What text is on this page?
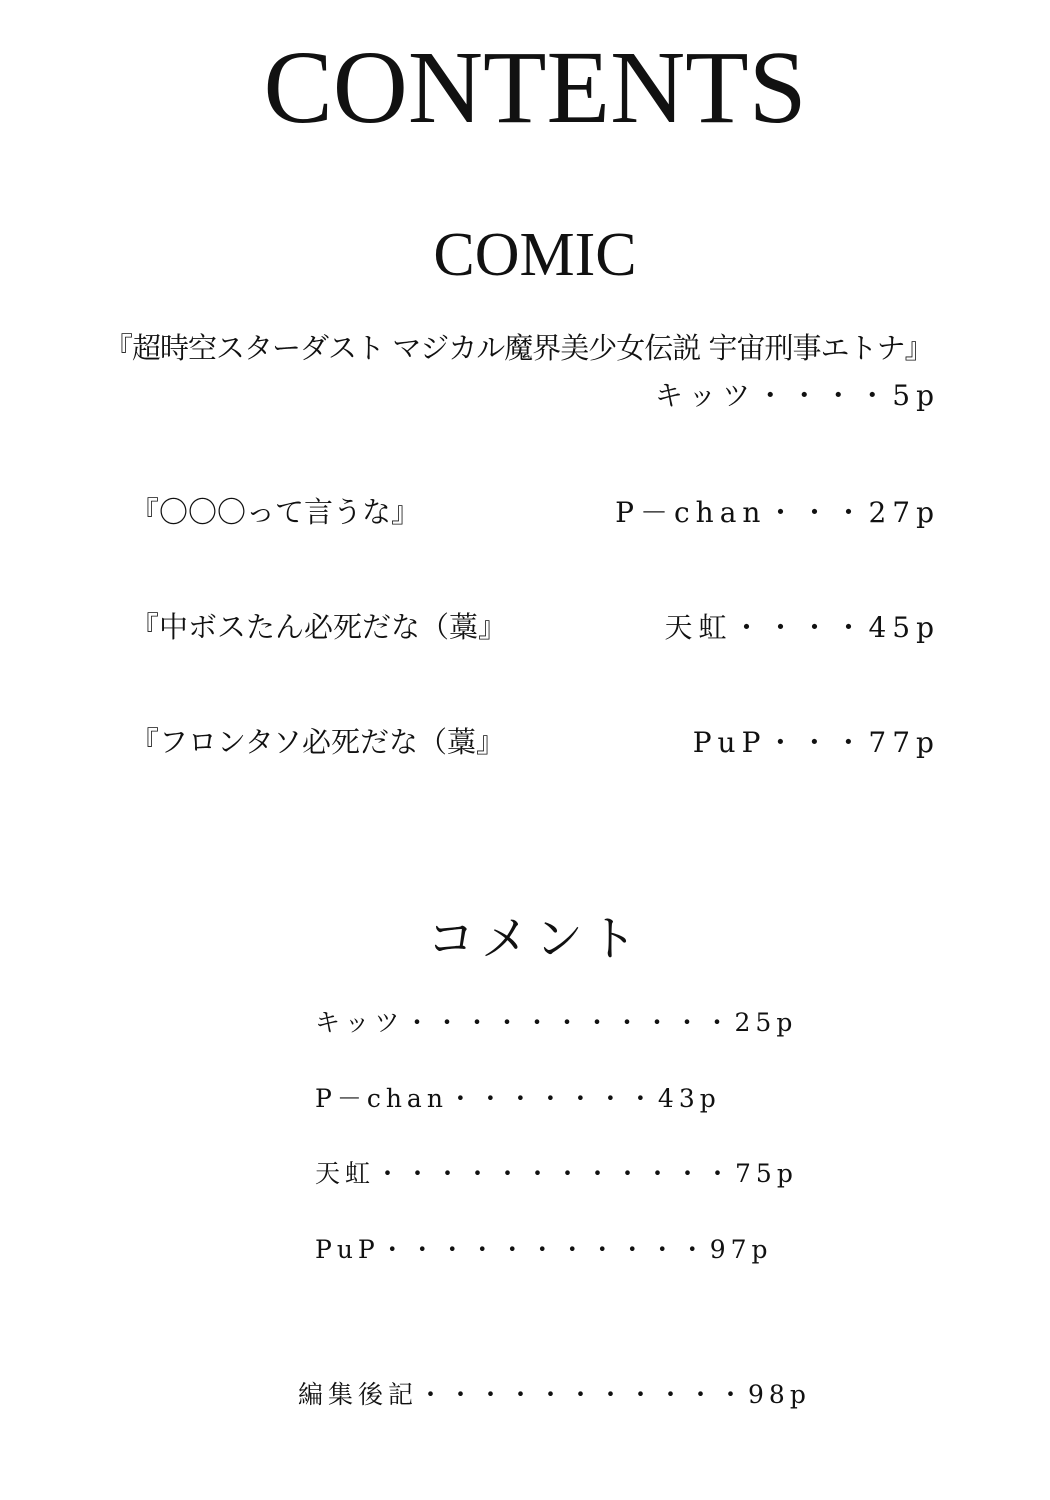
CONTENTS
COMIC
『超時空スターダスト マジカル魔界美少女伝説 宇宙刑事エトナ』
キッツ・・・・5p
『〇〇〇って言うな』	P－chan・・・27p
『中ボスたん必死だな（藁』	天虹・・・・45p
『フロンタソ必死だな（藁』	PuP・・・77p
コメント
キッツ・・・・・・・・・・・25p
P－chan・・・・・・・43p
天虹・・・・・・・・・・・・75p
PuP・・・・・・・・・・・97p
編集後記・・・・・・・・・・・98p
